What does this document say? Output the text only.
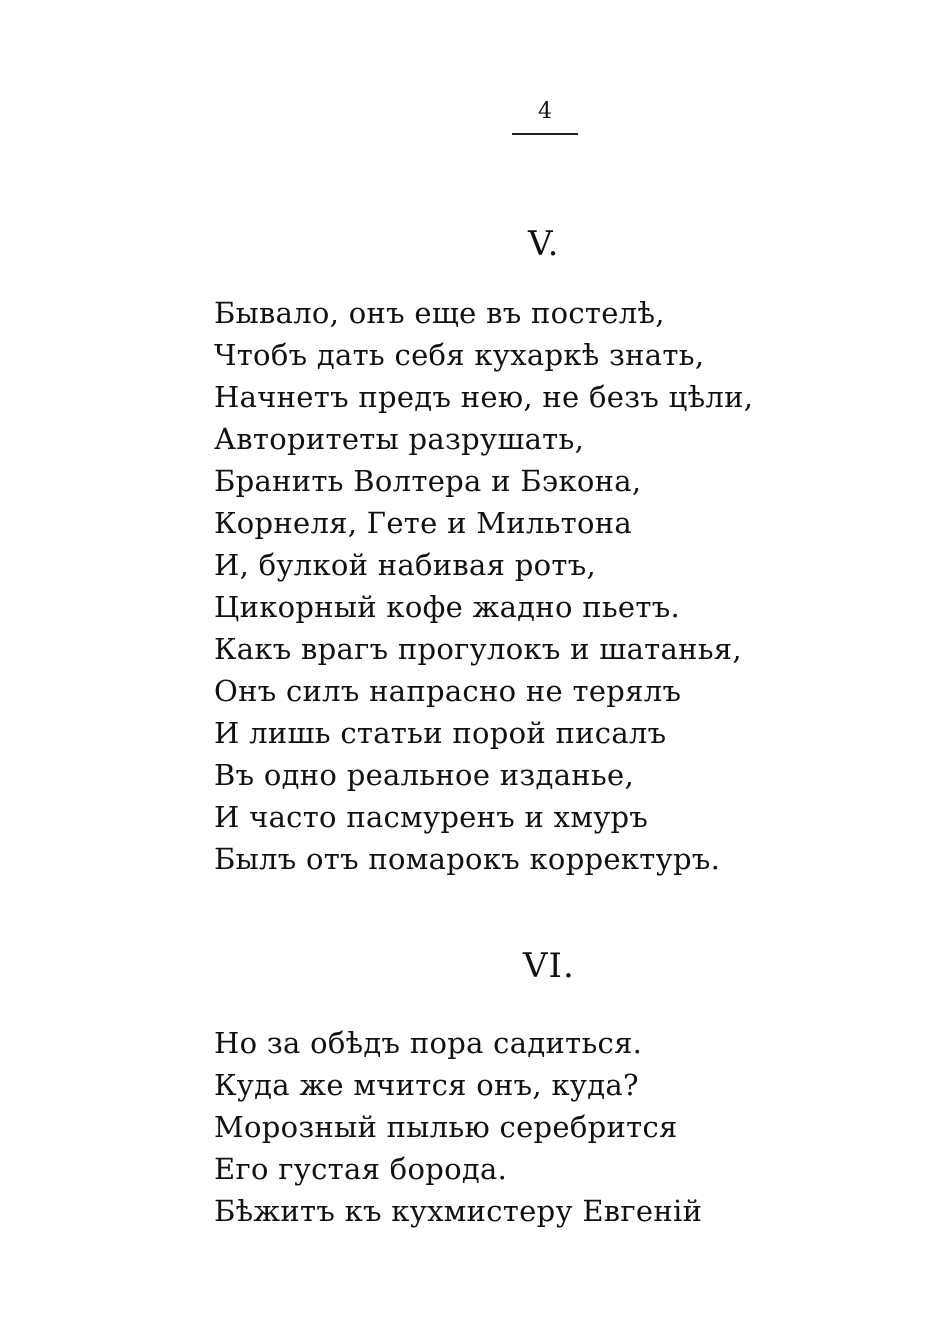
4
V.
Бывало, онъ еще въ постелѣ,
Чтобъ дать себя кухаркѣ знать,
Начнетъ предъ нею, не безъ цѣли,
Авторитеты разрушать,
Бранить Волтера и Бэкона,
Корнеля, Гете и Мильтона
И, булкой набивая ротъ,
Цикорный кофе жадно пьетъ.
Какъ врагъ прогулокъ и шатанья,
Онъ силъ напрасно не терялъ
И лишь статьи порой писалъ
Въ одно реальное изданье,
И часто пасмуренъ и хмуръ
Былъ отъ помарокъ корректуръ.
VI.
Но за обѣдъ пора садиться.
Куда же мчится онъ, куда?
Морозный пылью серебрится
Его густая борода.
Бѣжитъ къ кухмистеру Евгеній
